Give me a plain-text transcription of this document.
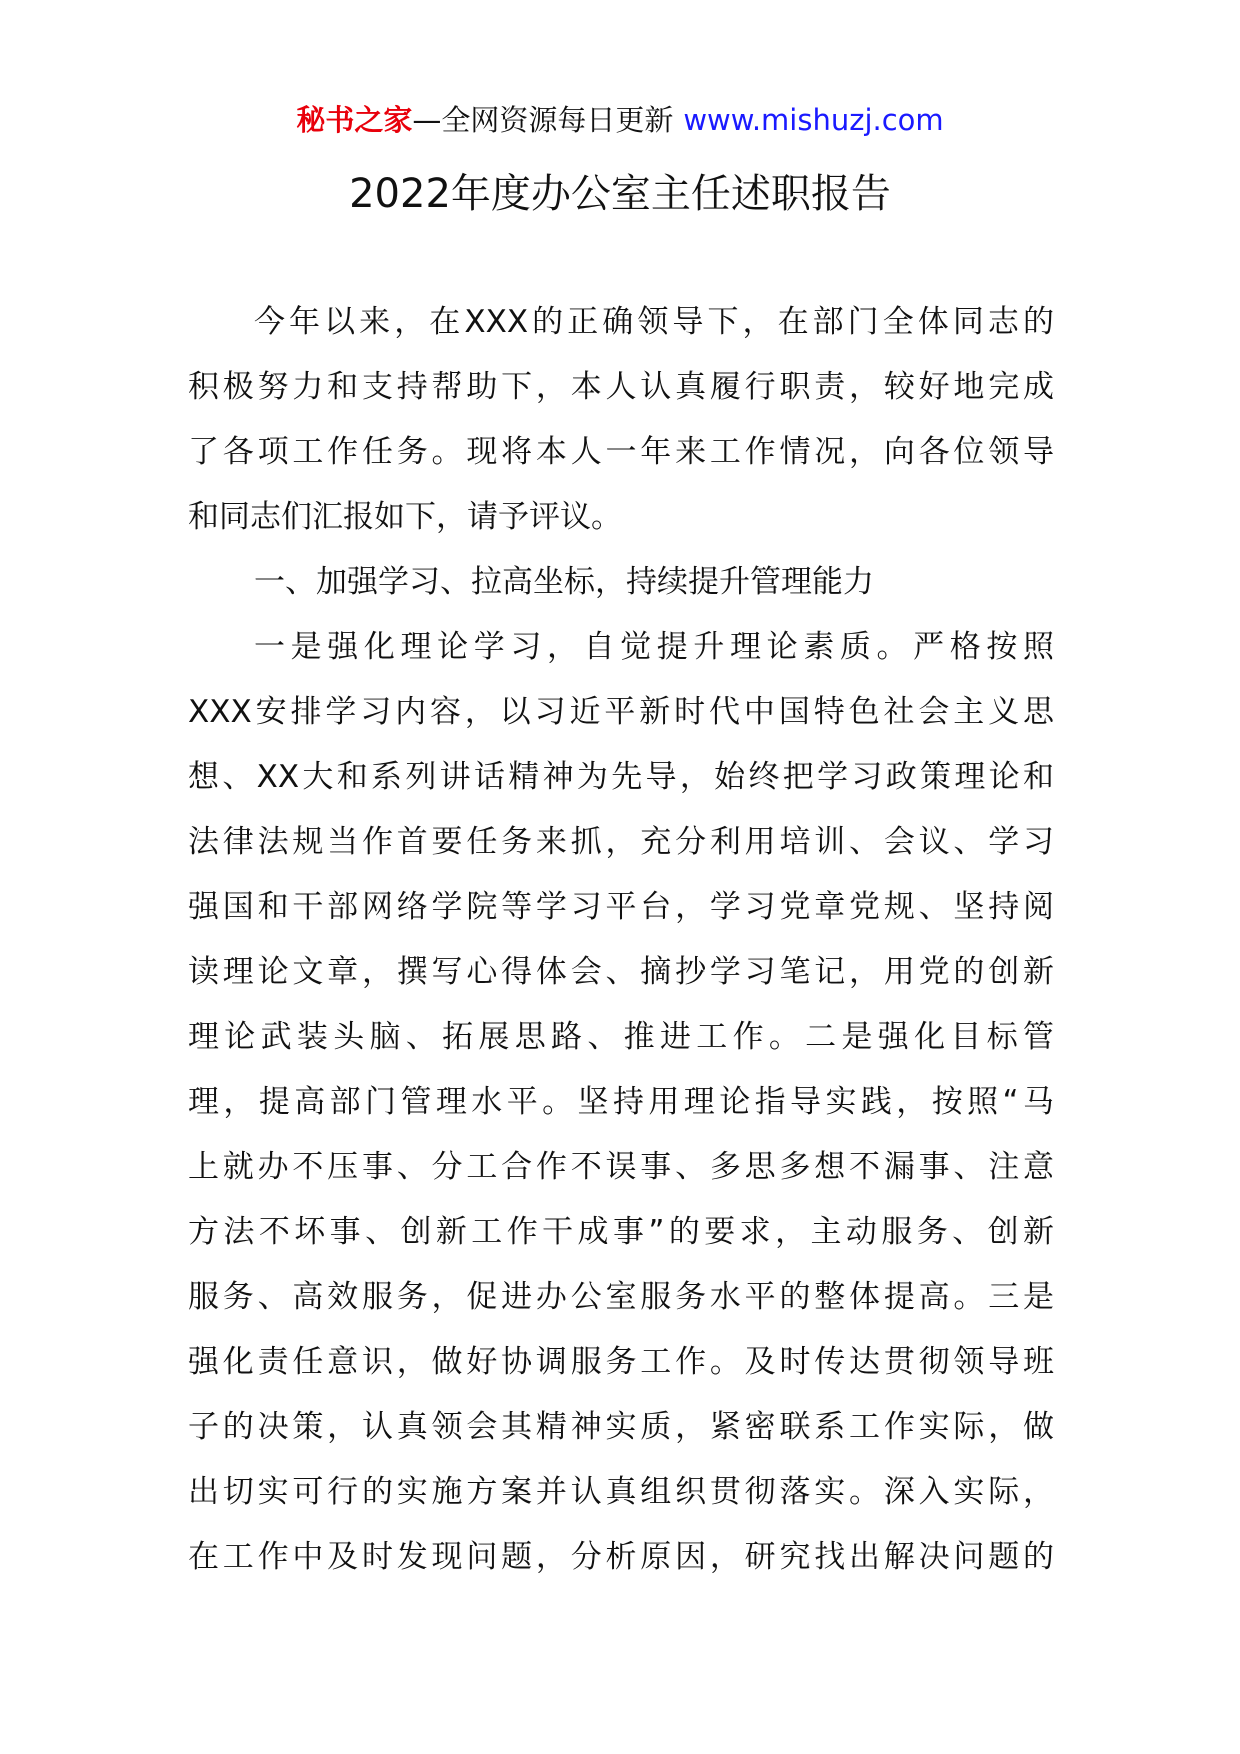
秘书之家—全网资源每日更新 www.mishuzj.com
2022年度办公室主任述职报告
今年以来，在XXX的正确领导下，在部门全体同志的
积极努力和支持帮助下，本人认真履行职责，较好地完成
了各项工作任务。现将本人一年来工作情况，向各位领导
和同志们汇报如下，请予评议。
一、加强学习、拉高坐标，持续提升管理能力
一是强化理论学习，自觉提升理论素质。严格按照
XXX安排学习内容，以习近平新时代中国特色社会主义思
想、XX大和系列讲话精神为先导，始终把学习政策理论和
法律法规当作首要任务来抓，充分利用培训、会议、学习
强国和干部网络学院等学习平台，学习党章党规、坚持阅
读理论文章，撰写心得体会、摘抄学习笔记，用党的创新
理论武装头脑、拓展思路、推进工作。二是强化目标管
理，提高部门管理水平。坚持用理论指导实践，按照“马
上就办不压事、分工合作不误事、多思多想不漏事、注意
方法不坏事、创新工作干成事”的要求，主动服务、创新
服务、高效服务，促进办公室服务水平的整体提高。三是
强化责任意识，做好协调服务工作。及时传达贯彻领导班
子的决策，认真领会其精神实质，紧密联系工作实际，做
出切实可行的实施方案并认真组织贯彻落实。深入实际，
在工作中及时发现问题，分析原因，研究找出解决问题的
